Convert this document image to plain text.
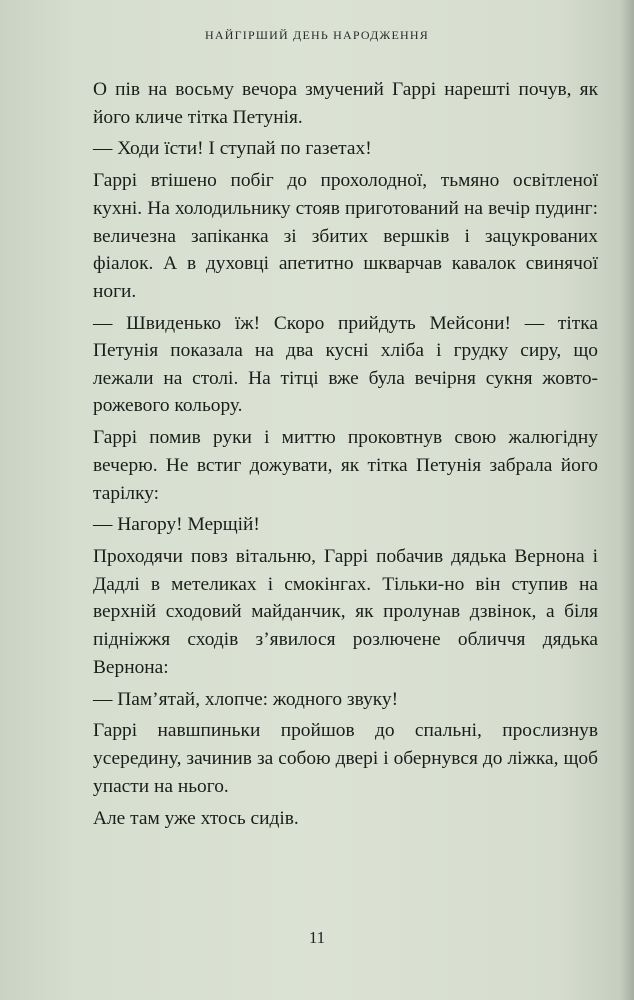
НАЙГІРШИЙ ДЕНЬ НАРОДЖЕННЯ

О пів на восьму вечора змучений Гаррі нарешті почув, як його кличе тітка Петунія.

— Ходи їсти! І ступай по газетах!

Гаррі втішено побіг до прохолодної, тьмяно освітленої кухні. На холодильнику стояв приготований на вечір пудинг: величезна запіканка зі збитих вершків і зацукрованих фіалок. А в духовці апетитно шкварчав кавалок свинячої ноги.

— Швиденько їж! Скоро прийдуть Мейсони! — тітка Петунія показала на два кусні хліба і грудку сиру, що лежали на столі. На тітці вже була вечірня сукня жовто-рожевого кольору.

Гаррі помив руки і миттю проковтнув свою жалюгідну вечерю. Не встиг дожувати, як тітка Петунія забрала його тарілку:

— Нагору! Мерщій!

Проходячи повз вітальню, Гаррі побачив дядька Вернона і Дадлі в метеликах і смокінгах. Тільки-но він ступив на верхній сходовий майданчик, як пролунав дзвінок, а біля підніжжя сходів з’явилося розлючене обличчя дядька Вернона:

— Пам’ятай, хлопче: жодного звуку!

Гаррі навшпиньки пройшов до спальні, прослизнув усередину, зачинив за собою двері і обернувся до ліжка, щоб упасти на нього.

Але там уже хтось сидів.

11
